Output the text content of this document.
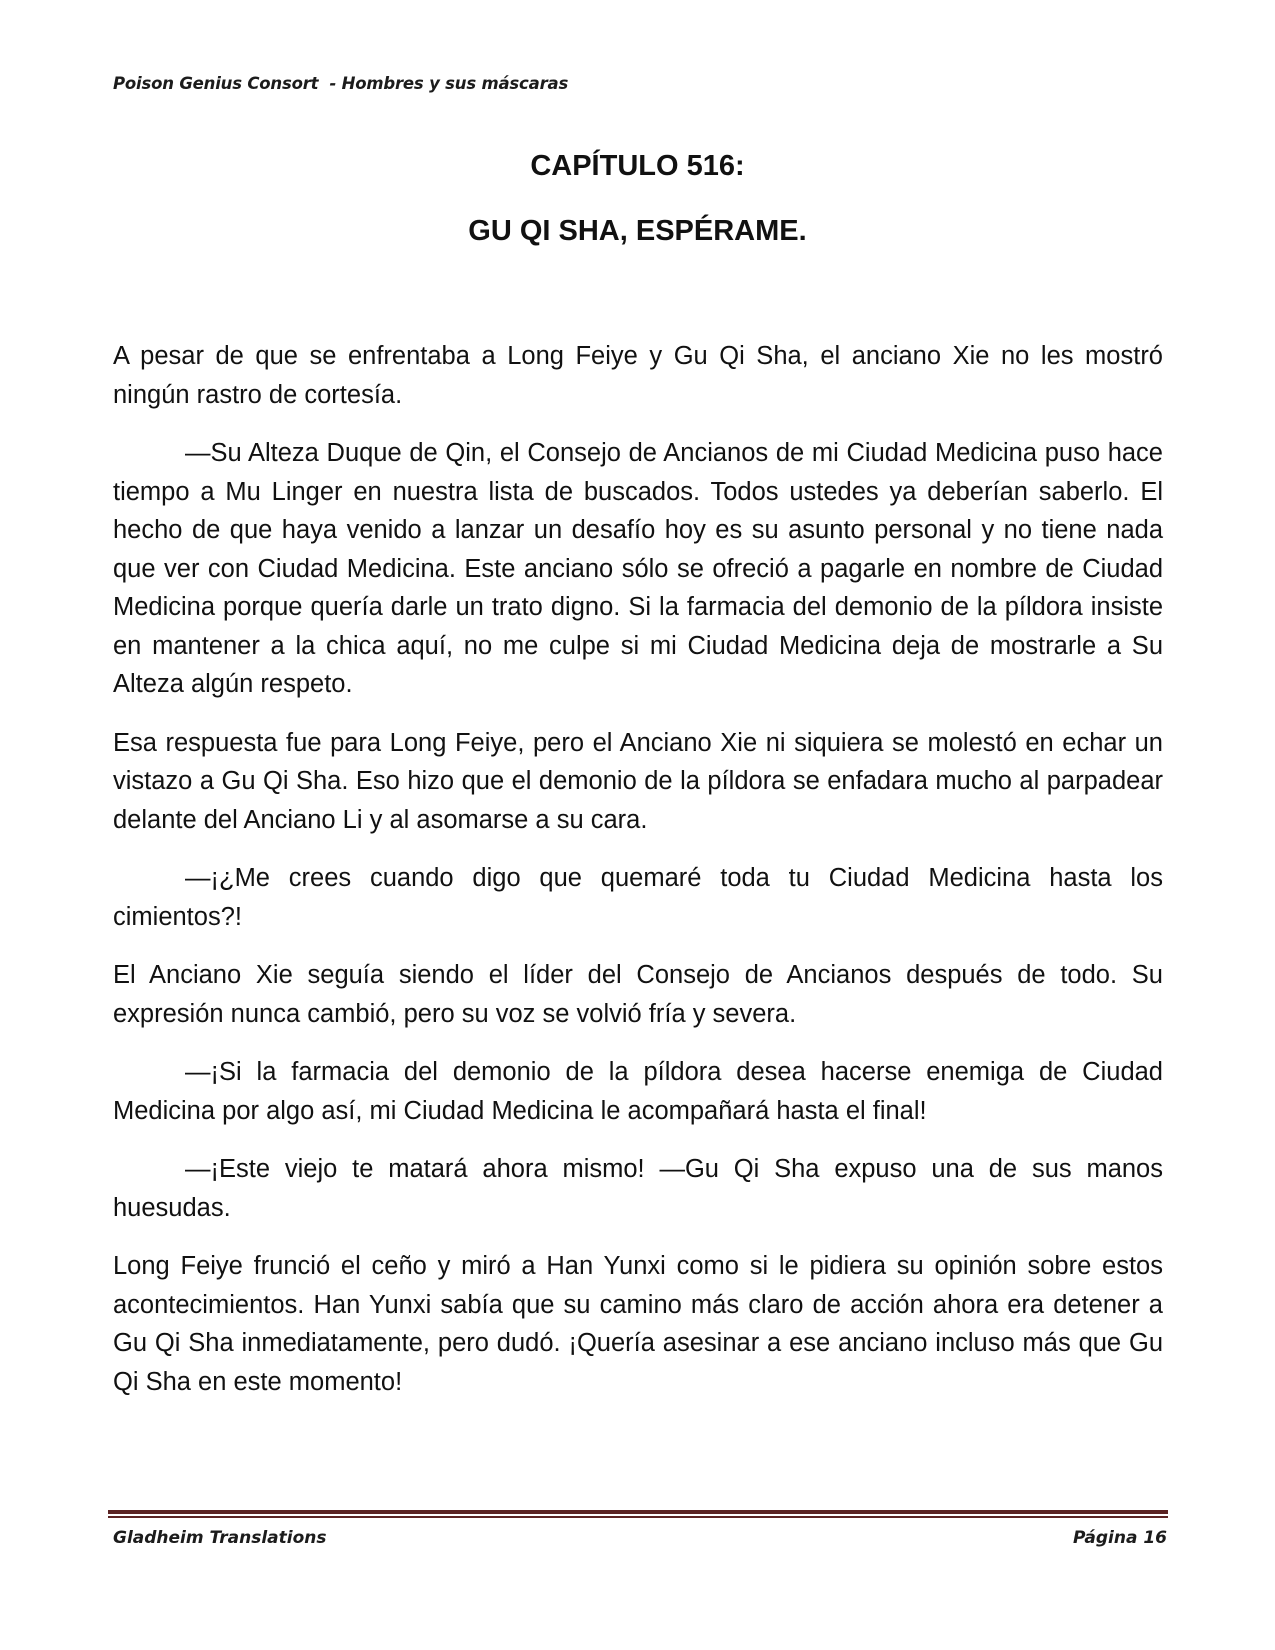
Poison Genius Consort  - Hombres y sus máscaras
CAPÍTULO 516:
GU QI SHA, ESPÉRAME.

A pesar de que se enfrentaba a Long Feiye y Gu Qi Sha, el anciano Xie no les mostró ningún rastro de cortesía.

—Su Alteza Duque de Qin, el Consejo de Ancianos de mi Ciudad Medicina puso hace tiempo a Mu Linger en nuestra lista de buscados. Todos ustedes ya deberían saberlo. El hecho de que haya venido a lanzar un desafío hoy es su asunto personal y no tiene nada que ver con Ciudad Medicina. Este anciano sólo se ofreció a pagarle en nombre de Ciudad Medicina porque quería darle un trato digno. Si la farmacia del demonio de la píldora insiste en mantener a la chica aquí, no me culpe si mi Ciudad Medicina deja de mostrarle a Su Alteza algún respeto.

Esa respuesta fue para Long Feiye, pero el Anciano Xie ni siquiera se molestó en echar un vistazo a Gu Qi Sha. Eso hizo que el demonio de la píldora se enfadara mucho al parpadear delante del Anciano Li y al asomarse a su cara.

—¡¿Me crees cuando digo que quemaré toda tu Ciudad Medicina hasta los cimientos?!

El Anciano Xie seguía siendo el líder del Consejo de Ancianos después de todo. Su expresión nunca cambió, pero su voz se volvió fría y severa.

—¡Si la farmacia del demonio de la píldora desea hacerse enemiga de Ciudad Medicina por algo así, mi Ciudad Medicina le acompañará hasta el final!

—¡Este viejo te matará ahora mismo! —Gu Qi Sha expuso una de sus manos huesudas.

Long Feiye frunció el ceño y miró a Han Yunxi como si le pidiera su opinión sobre estos acontecimientos. Han Yunxi sabía que su camino más claro de acción ahora era detener a Gu Qi Sha inmediatamente, pero dudó. ¡Quería asesinar a ese anciano incluso más que Gu Qi Sha en este momento!

Gladheim Translations	Página 16
